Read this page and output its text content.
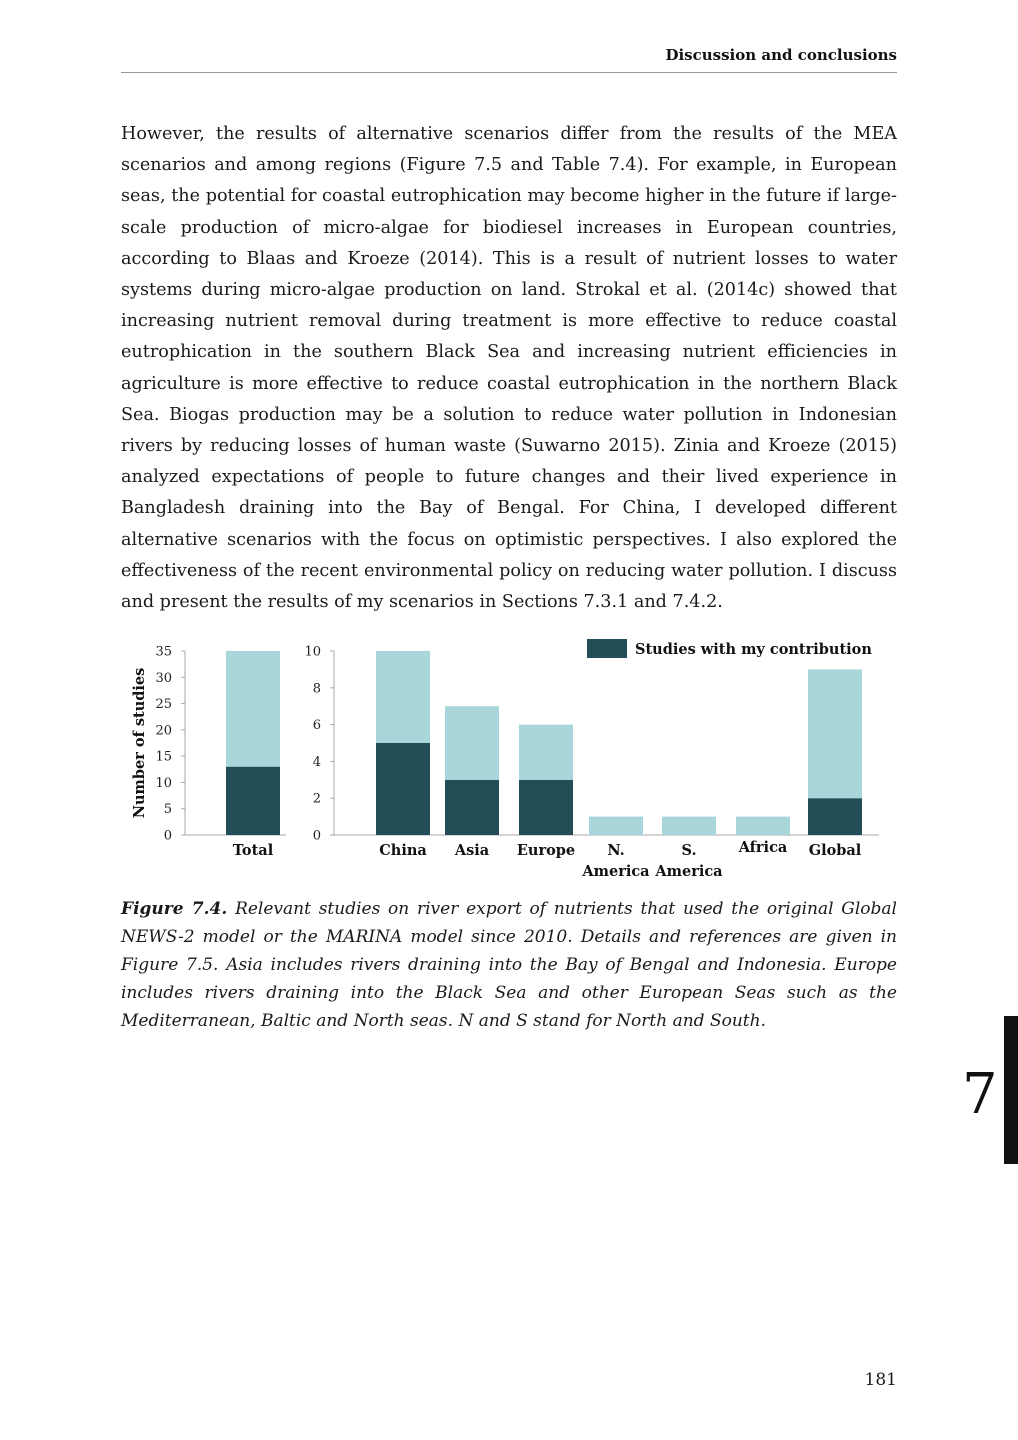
Discussion and conclusions

However, the results of alternative scenarios differ from the results of the MEA scenarios and among regions (Figure 7.5 and Table 7.4). For example, in European seas, the potential for coastal eutrophication may become higher in the future if large-scale production of micro-algae for biodiesel increases in European countries, according to Blaas and Kroeze (2014). This is a result of nutrient losses to water systems during micro-algae production on land. Strokal et al. (2014c) showed that increasing nutrient removal during treatment is more effective to reduce coastal eutrophication in the southern Black Sea and increasing nutrient efficiencies in agriculture is more effective to reduce coastal eutrophication in the northern Black Sea. Biogas production may be a solution to reduce water pollution in Indonesian rivers by reducing losses of human waste (Suwarno 2015). Zinia and Kroeze (2015) analyzed expectations of people to future changes and their lived experience in Bangladesh draining into the Bay of Bengal. For China, I developed different alternative scenarios with the focus on optimistic perspectives. I also explored the effectiveness of the recent environmental policy on reducing water pollution. I discuss and present the results of my scenarios in Sections 7.3.1 and 7.4.2.

0
5
10
15
20
25
30
35
Total
Number of studies
0
2
4
6
8
10
China Asia Europe N.
America
S.
America
Africa Global
Studies with my contribution

Figure 7.4. Relevant studies on river export of nutrients that used the original Global NEWS-2 model or the MARINA model since 2010. Details and references are given in Figure 7.5. Asia includes rivers draining into the Bay of Bengal and Indonesia. Europe includes rivers draining into the Black Sea and other European Seas such as the Mediterranean, Baltic and North seas. N and S stand for North and South.

7
181
